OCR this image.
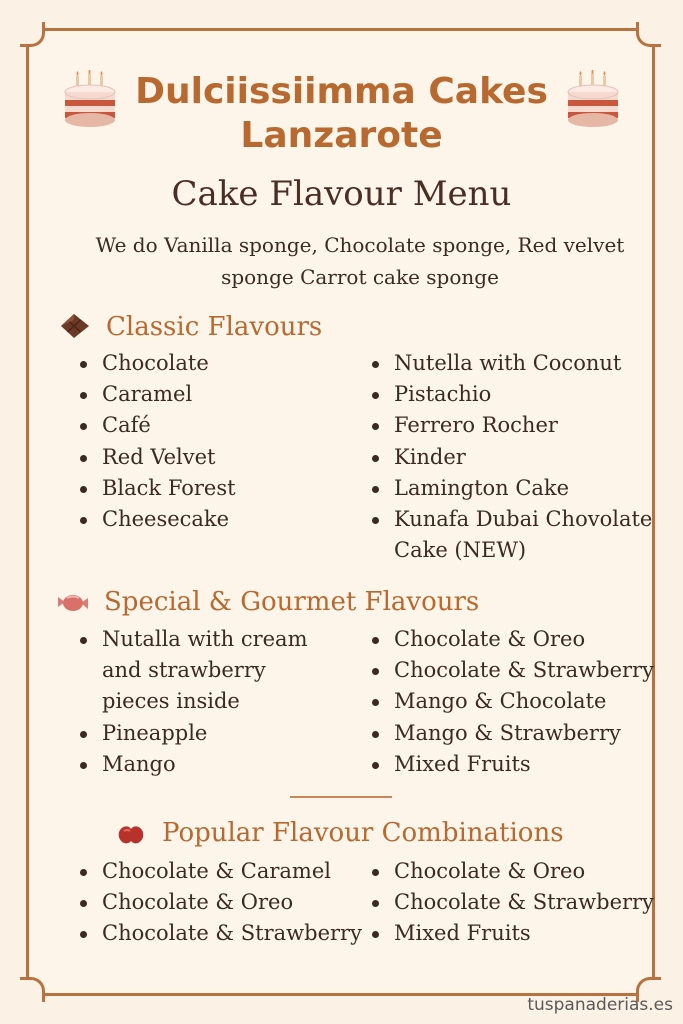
Dulciissiimma Cakes
Lanzarote
Cake Flavour Menu
We do Vanilla sponge, Chocolate sponge, Red velvet
sponge Carrot cake sponge
Classic Flavours
Chocolate
Caramel
Café
Red Velvet
Black Forest
Cheesecake
Nutella with Coconut
Pistachio
Ferrero Rocher
Kinder
Lamington Cake
Kunafa Dubai Chovolate Cake (NEW)
Special & Gourmet Flavours
Nutalla with cream and strawberry pieces inside
Pineapple
Mango
Chocolate & Oreo
Chocolate & Strawberry
Mango & Chocolate
Mango & Strawberry
Mixed Fruits
Popular Flavour Combinations
Chocolate & Caramel
Chocolate & Oreo
Chocolate & Strawberry
Chocolate & Oreo
Chocolate & Strawberry
Mixed Fruits
tuspanaderias.es
